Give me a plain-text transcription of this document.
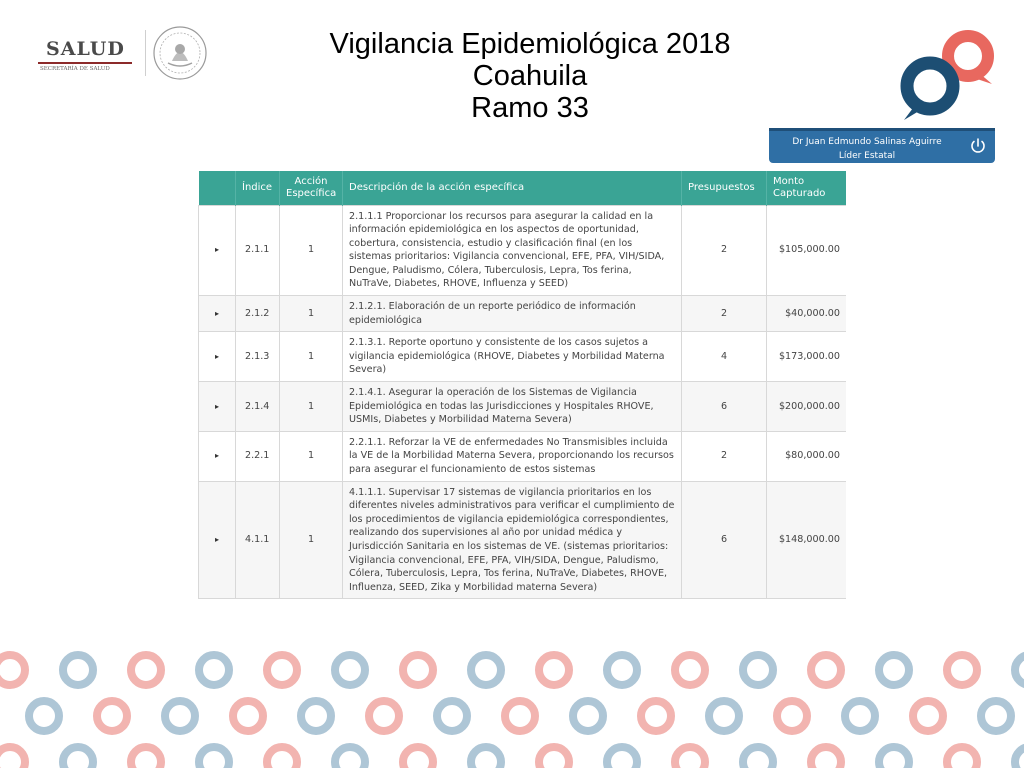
SALUD
SECRETARÍA DE SALUD
Vigilancia Epidemiológica 2018
Coahuila
Ramo 33
Dr Juan Edmundo Salinas Aguirre
Líder Estatal
	Índice	Acción Específica	Descripción de la acción específica	Presupuestos	Monto Capturado
▸	2.1.1	1	2.1.1.1 Proporcionar los recursos para asegurar la calidad en la información epidemiológica en los aspectos de oportunidad, cobertura, consistencia, estudio y clasificación final (en los sistemas prioritarios: Vigilancia convencional, EFE, PFA, VIH/SIDA, Dengue, Paludismo, Cólera, Tuberculosis, Lepra, Tos ferina, NuTraVe, Diabetes, RHOVE, Influenza y SEED)	2	$105,000.00
▸	2.1.2	1	2.1.2.1. Elaboración de un reporte periódico de información epidemiológica	2	$40,000.00
▸	2.1.3	1	2.1.3.1. Reporte oportuno y consistente de los casos sujetos a vigilancia epidemiológica (RHOVE, Diabetes y Morbilidad Materna Severa)	4	$173,000.00
▸	2.1.4	1	2.1.4.1. Asegurar la operación de los Sistemas de Vigilancia Epidemiológica en todas las Jurisdicciones y Hospitales RHOVE, USMIs, Diabetes y Morbilidad Materna Severa)	6	$200,000.00
▸	2.2.1	1	2.2.1.1. Reforzar la VE de enfermedades No Transmisibles incluida la VE de la Morbilidad Materna Severa, proporcionando los recursos para asegurar el funcionamiento de estos sistemas	2	$80,000.00
▸	4.1.1	1	4.1.1.1. Supervisar 17 sistemas de vigilancia prioritarios en los diferentes niveles administrativos para verificar el cumplimiento de los procedimientos de vigilancia epidemiológica correspondientes, realizando dos supervisiones al año por unidad médica y Jurisdicción Sanitaria en los sistemas de VE. (sistemas prioritarios: Vigilancia convencional, EFE, PFA, VIH/SIDA, Dengue, Paludismo, Cólera, Tuberculosis, Lepra, Tos ferina, NuTraVe, Diabetes, RHOVE, Influenza, SEED, Zika y Morbilidad materna Severa)	6	$148,000.00
